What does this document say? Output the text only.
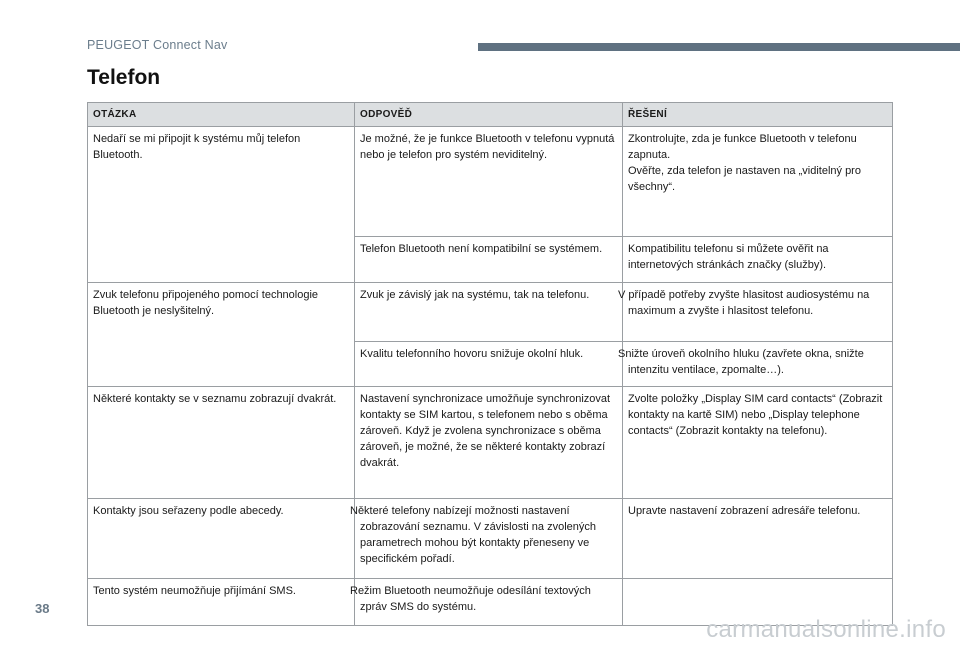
PEUGEOT Connect Nav
Telefon
OTÁZKA	ODPOVĚĎ	ŘEŠENÍ
Nedaří se mi připojit k systému můj telefon Bluetooth.	Je možné, že je funkce Bluetooth v telefonu vypnutá nebo je telefon pro systém neviditelný.	Zkontrolujte, zda je funkce Bluetooth v telefonu zapnuta.
Ověřte, zda telefon je nastaven na „viditelný pro všechny“.

	Telefon Bluetooth není kompatibilní se systémem.	Kompatibilitu telefonu si můžete ověřit na internetových stránkách značky (služby).
Zvuk telefonu připojeného pomocí technologie Bluetooth je neslyšitelný.	Zvuk je závislý jak na systému, tak na telefonu.	V případě potřeby zvyšte hlasitost audiosystému na maximum a zvyšte i hlasitost telefonu.
	Kvalitu telefonního hovoru snižuje okolní hluk.	Snižte úroveň okolního hluku (zavřete okna, snižte intenzitu ventilace, zpomalte…).
Některé kontakty se v seznamu zobrazují dvakrát.	Nastavení synchronizace umožňuje synchronizovat kontakty se SIM kartou, s telefonem nebo s oběma zároveň. Když je zvolena synchronizace s oběma zároveň, je možné, že se některé kontakty zobrazí dvakrát.	Zvolte položky „Display SIM card contacts“ (Zobrazit kontakty na kartě SIM) nebo „Display telephone contacts“ (Zobrazit kontakty na telefonu).
Kontakty jsou seřazeny podle abecedy.	Některé telefony nabízejí možnosti nastavení zobrazování seznamu. V závislosti na zvolených parametrech mohou být kontakty přeneseny ve specifickém pořadí.	Upravte nastavení zobrazení adresáře telefonu.
Tento systém neumožňuje přijímání SMS.	Režim Bluetooth neumožňuje odesílání textových zpráv SMS do systému.	
38
carmanualsonline.info
